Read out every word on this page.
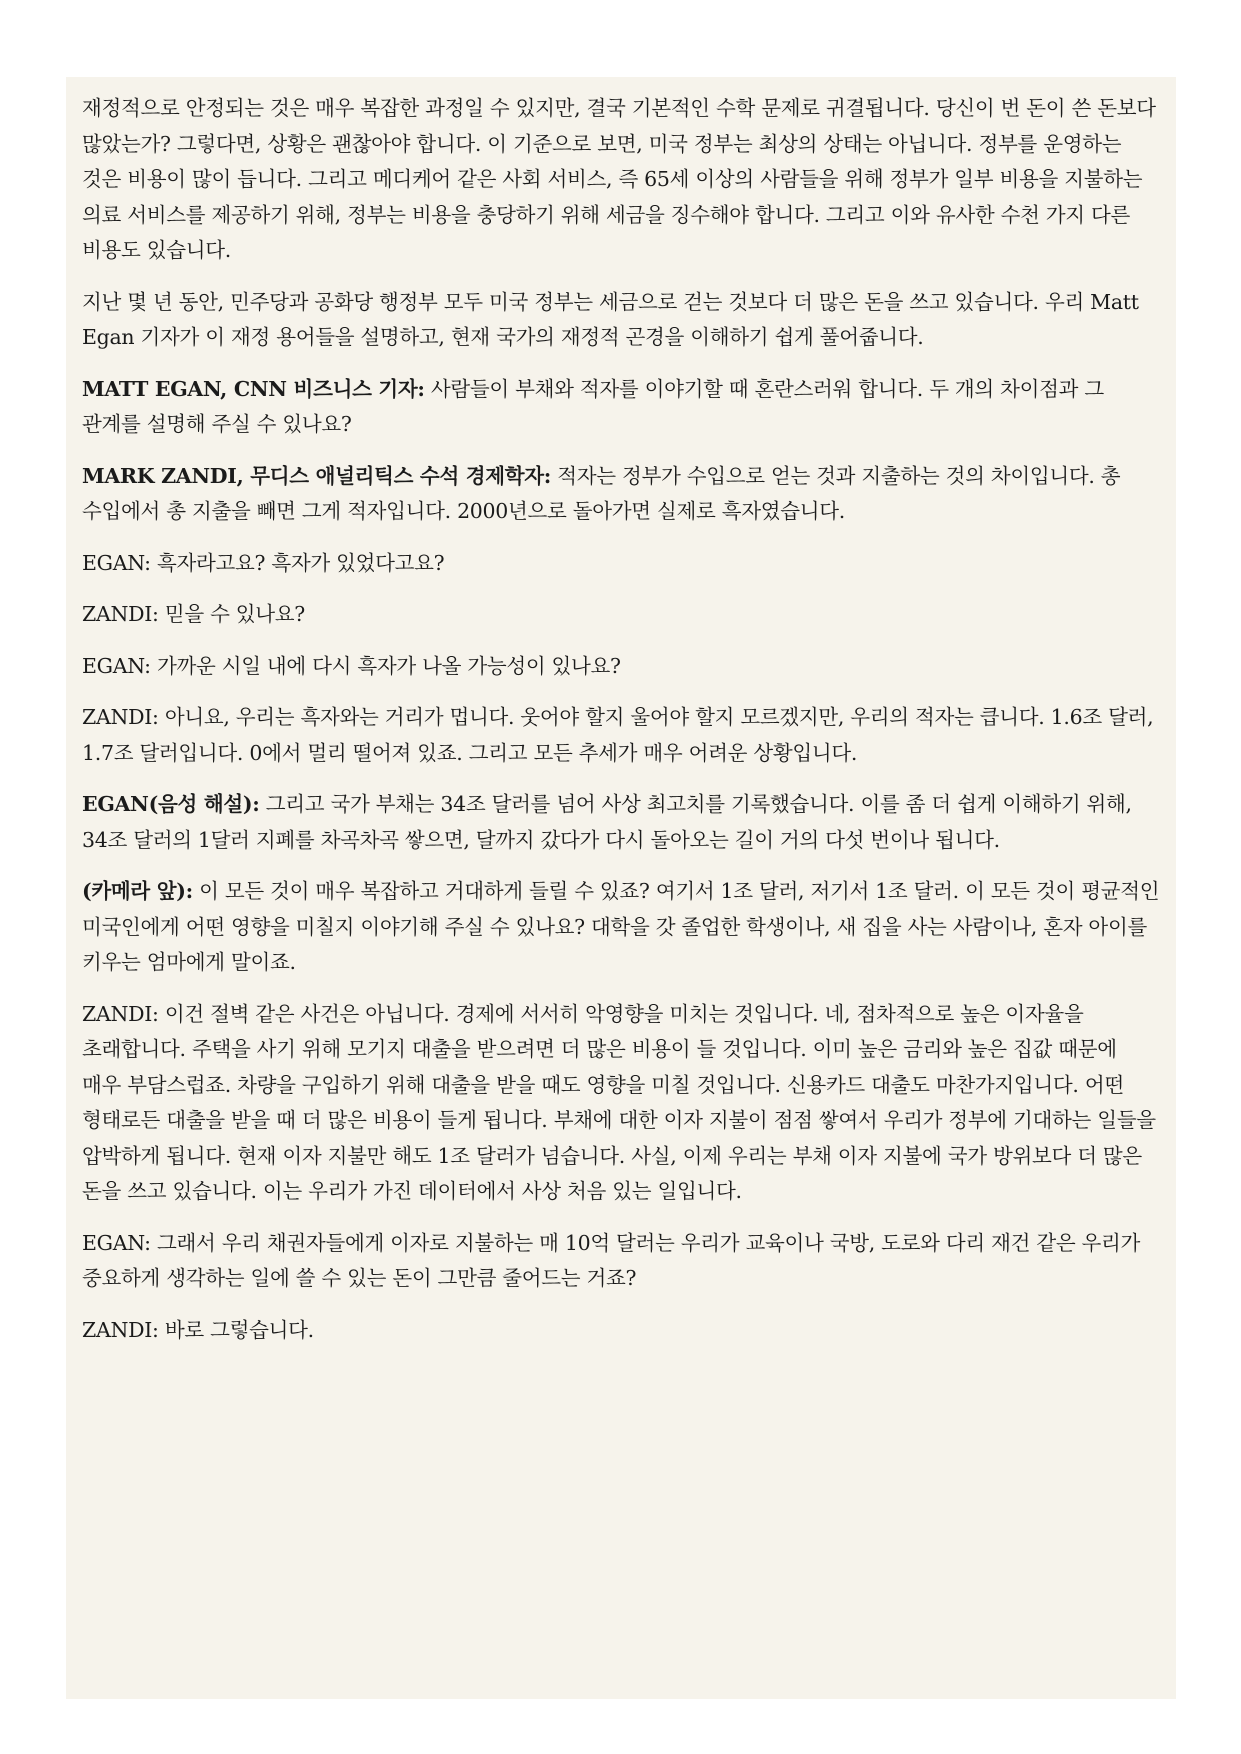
재정적으로 안정되는 것은 매우 복잡한 과정일 수 있지만, 결국 기본적인 수학 문제로 귀결됩니다. 당신이 번 돈이 쓴 돈보다 많았는가? 그렇다면, 상황은 괜찮아야 합니다. 이 기준으로 보면, 미국 정부는 최상의 상태는 아닙니다. 정부를 운영하는 것은 비용이 많이 듭니다. 그리고 메디케어 같은 사회 서비스, 즉 65세 이상의 사람들을 위해 정부가 일부 비용을 지불하는 의료 서비스를 제공하기 위해, 정부는 비용을 충당하기 위해 세금을 징수해야 합니다. 그리고 이와 유사한 수천 가지 다른 비용도 있습니다.

지난 몇 년 동안, 민주당과 공화당 행정부 모두 미국 정부는 세금으로 걷는 것보다 더 많은 돈을 쓰고 있습니다. 우리 Matt Egan 기자가 이 재정 용어들을 설명하고, 현재 국가의 재정적 곤경을 이해하기 쉽게 풀어줍니다.

MATT EGAN, CNN 비즈니스 기자: 사람들이 부채와 적자를 이야기할 때 혼란스러워 합니다. 두 개의 차이점과 그 관계를 설명해 주실 수 있나요?

MARK ZANDI, 무디스 애널리틱스 수석 경제학자: 적자는 정부가 수입으로 얻는 것과 지출하는 것의 차이입니다. 총 수입에서 총 지출을 빼면 그게 적자입니다. 2000년으로 돌아가면 실제로 흑자였습니다.

EGAN: 흑자라고요? 흑자가 있었다고요?

ZANDI: 믿을 수 있나요?

EGAN: 가까운 시일 내에 다시 흑자가 나올 가능성이 있나요?

ZANDI: 아니요, 우리는 흑자와는 거리가 멉니다. 웃어야 할지 울어야 할지 모르겠지만, 우리의 적자는 큽니다. 1.6조 달러, 1.7조 달러입니다. 0에서 멀리 떨어져 있죠. 그리고 모든 추세가 매우 어려운 상황입니다.

EGAN(음성 해설): 그리고 국가 부채는 34조 달러를 넘어 사상 최고치를 기록했습니다. 이를 좀 더 쉽게 이해하기 위해, 34조 달러의 1달러 지폐를 차곡차곡 쌓으면, 달까지 갔다가 다시 돌아오는 길이 거의 다섯 번이나 됩니다.

(카메라 앞): 이 모든 것이 매우 복잡하고 거대하게 들릴 수 있죠? 여기서 1조 달러, 저기서 1조 달러. 이 모든 것이 평균적인 미국인에게 어떤 영향을 미칠지 이야기해 주실 수 있나요? 대학을 갓 졸업한 학생이나, 새 집을 사는 사람이나, 혼자 아이를 키우는 엄마에게 말이죠.

ZANDI: 이건 절벽 같은 사건은 아닙니다. 경제에 서서히 악영향을 미치는 것입니다. 네, 점차적으로 높은 이자율을 초래합니다. 주택을 사기 위해 모기지 대출을 받으려면 더 많은 비용이 들 것입니다. 이미 높은 금리와 높은 집값 때문에 매우 부담스럽죠. 차량을 구입하기 위해 대출을 받을 때도 영향을 미칠 것입니다. 신용카드 대출도 마찬가지입니다. 어떤 형태로든 대출을 받을 때 더 많은 비용이 들게 됩니다. 부채에 대한 이자 지불이 점점 쌓여서 우리가 정부에 기대하는 일들을 압박하게 됩니다. 현재 이자 지불만 해도 1조 달러가 넘습니다. 사실, 이제 우리는 부채 이자 지불에 국가 방위보다 더 많은 돈을 쓰고 있습니다. 이는 우리가 가진 데이터에서 사상 처음 있는 일입니다.

EGAN: 그래서 우리 채권자들에게 이자로 지불하는 매 10억 달러는 우리가 교육이나 국방, 도로와 다리 재건 같은 우리가 중요하게 생각하는 일에 쓸 수 있는 돈이 그만큼 줄어드는 거죠?

ZANDI: 바로 그렇습니다.
